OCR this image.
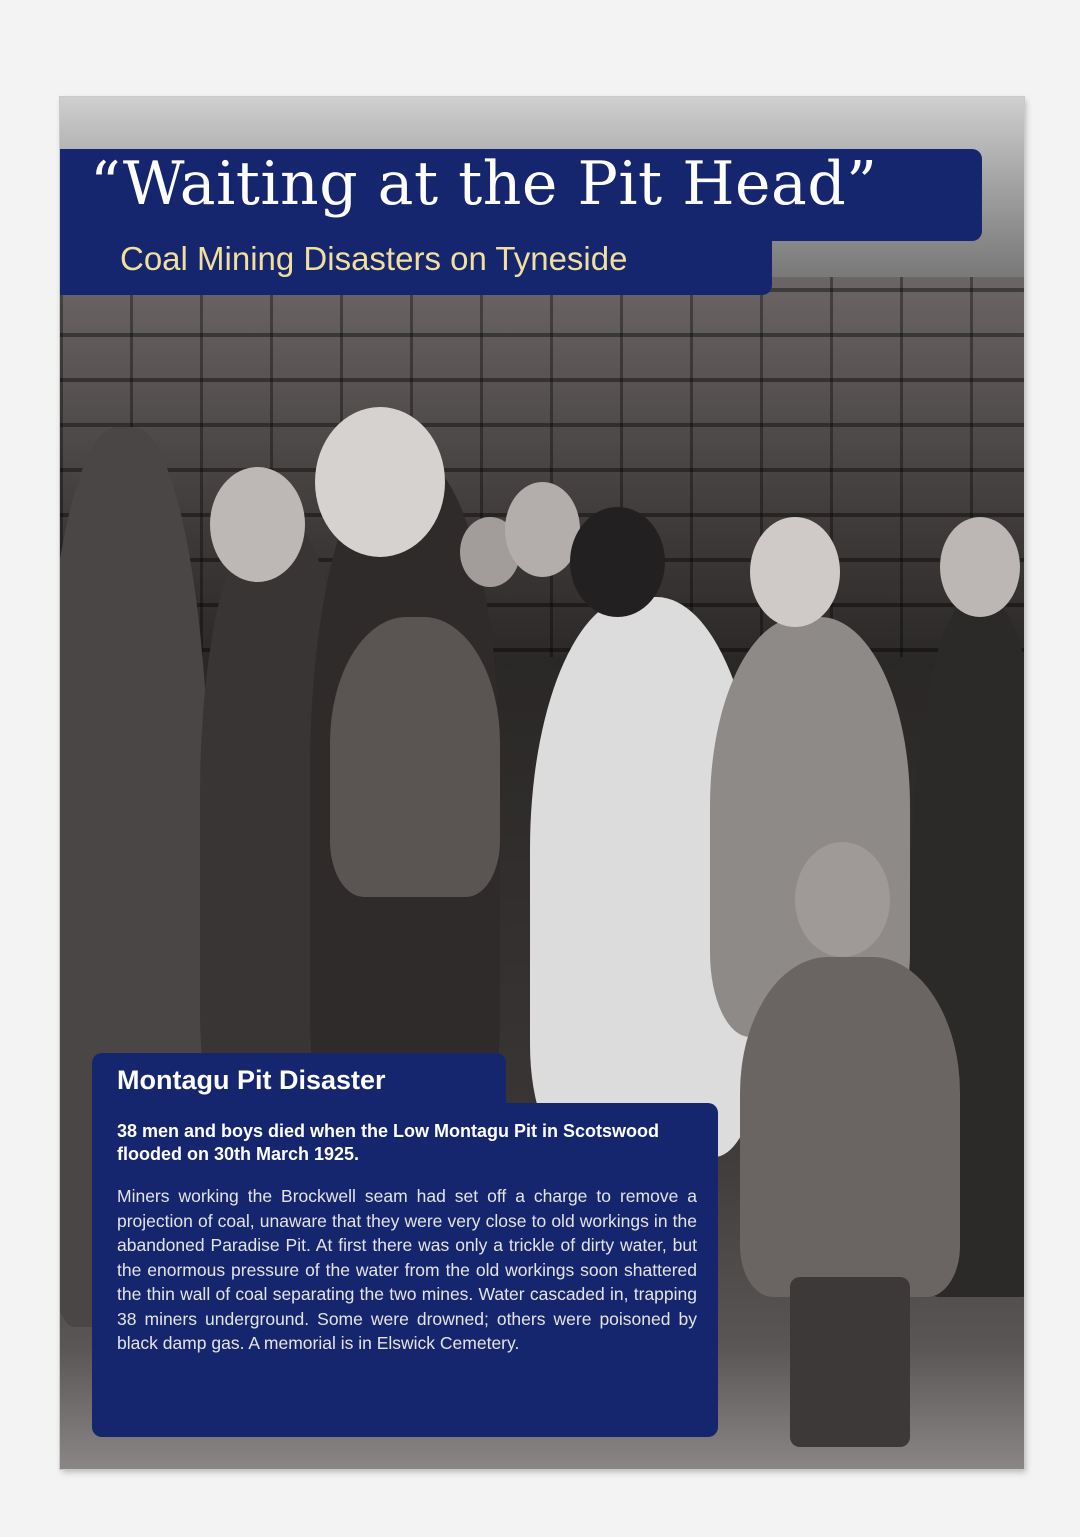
“Waiting at the Pit Head”
Coal Mining Disasters on Tyneside
Montagu Pit Disaster
38 men and boys died when the Low Montagu Pit in Scotswood flooded on 30th March 1925.
Miners working the Brockwell seam had set off a charge to remove a projection of coal, unaware that they were very close to old workings in the abandoned Paradise Pit. At first there was only a trickle of dirty water, but the enormous pressure of the water from the old workings soon shattered the thin wall of coal separating the two mines. Water cascaded in, trapping 38 miners underground. Some were drowned; others were poisoned by black damp gas. A memorial is in Elswick Cemetery.
